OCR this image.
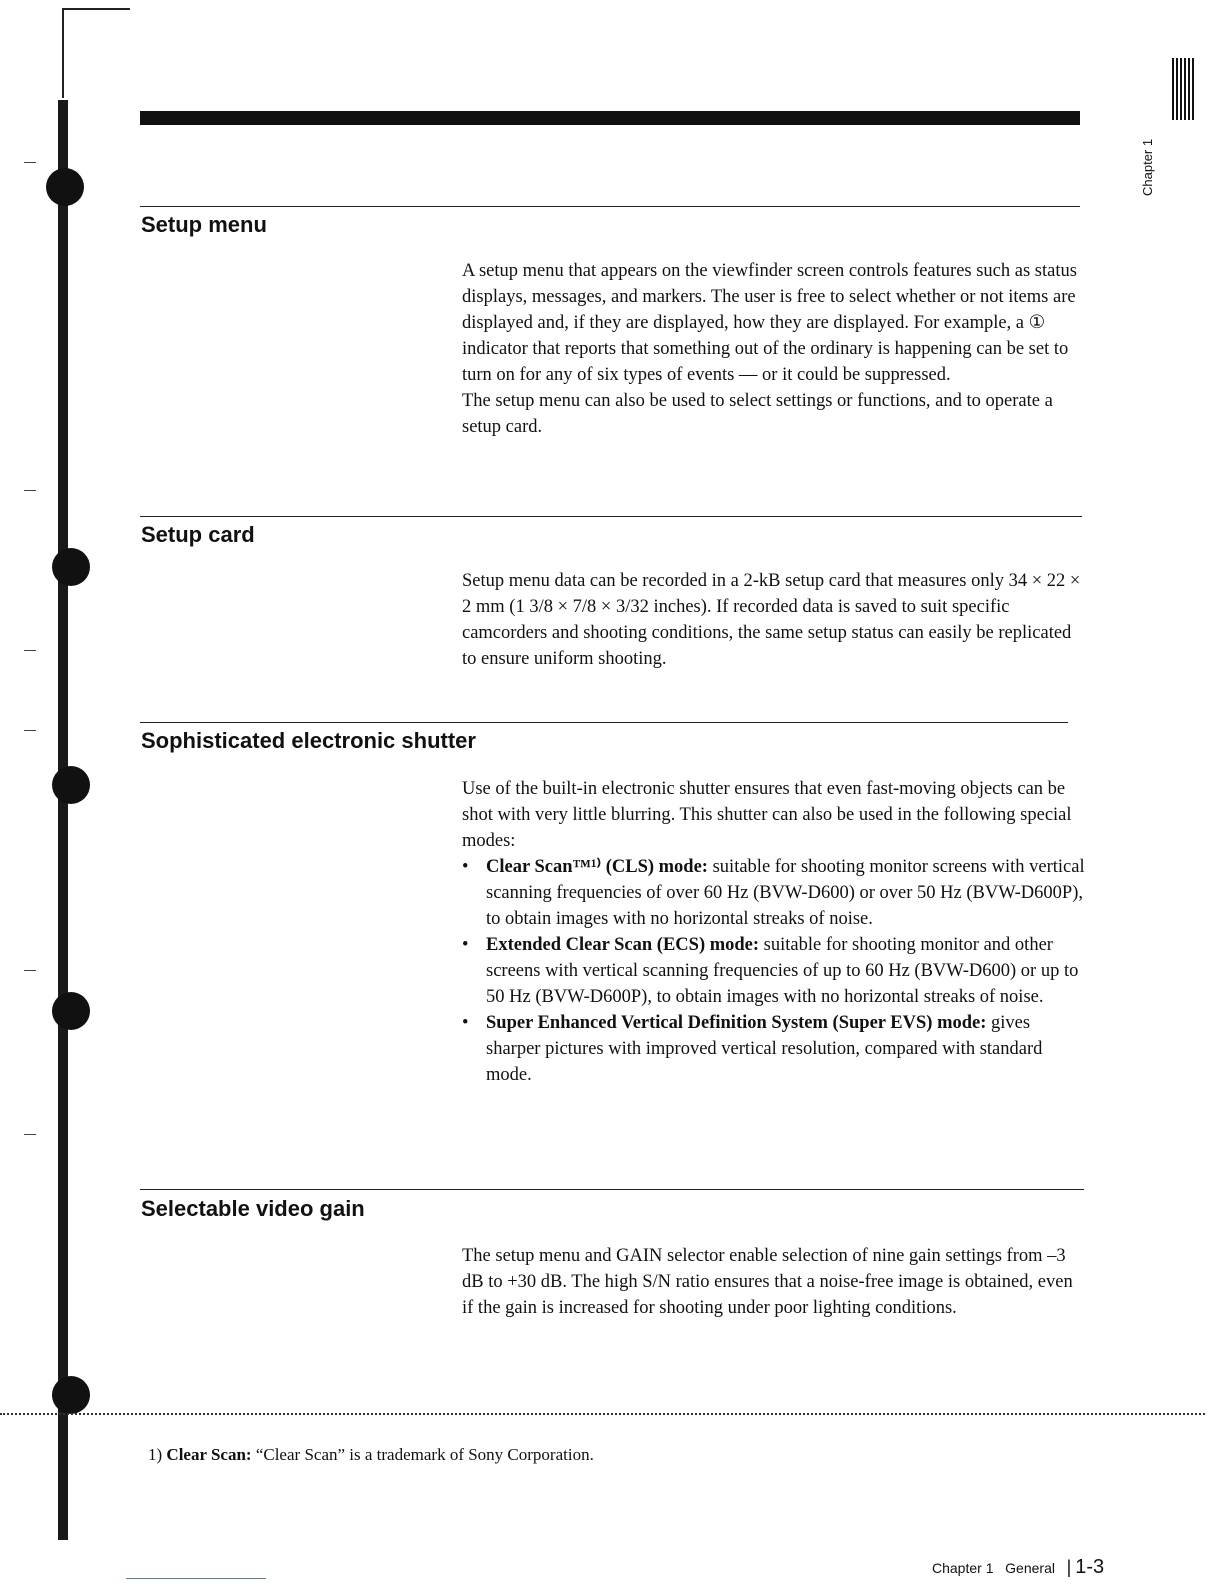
Chapter 1
Setup menu

A setup menu that appears on the viewfinder screen controls features such as status displays, messages, and markers. The user is free to select whether or not items are displayed and, if they are displayed, how they are displayed. For example, a ① indicator that reports that something out of the ordinary is happening can be set to turn on for any of six types of events — or it could be suppressed.

The setup menu can also be used to select settings or functions, and to operate a setup card.

Setup card

Setup menu data can be recorded in a 2-kB setup card that measures only 34 × 22 × 2 mm (1 3/8 × 7/8 × 3/32 inches). If recorded data is saved to suit specific camcorders and shooting conditions, the same setup status can easily be replicated to ensure uniform shooting.

Sophisticated electronic shutter

Use of the built-in electronic shutter ensures that even fast-moving objects can be shot with very little blurring. This shutter can also be used in the following special modes:

• Clear Scan™¹⁾ (CLS) mode: suitable for shooting monitor screens with vertical scanning frequencies of over 60 Hz (BVW-D600) or over 50 Hz (BVW-D600P), to obtain images with no horizontal streaks of noise.
• Extended Clear Scan (ECS) mode: suitable for shooting monitor and other screens with vertical scanning frequencies of up to 60 Hz (BVW-D600) or up to 50 Hz (BVW-D600P), to obtain images with no horizontal streaks of noise.
• Super Enhanced Vertical Definition System (Super EVS) mode: gives sharper pictures with improved vertical resolution, compared with standard mode.
Selectable video gain

The setup menu and GAIN selector enable selection of nine gain settings from –3 dB to +30 dB. The high S/N ratio ensures that a noise-free image is obtained, even if the gain is increased for shooting under poor lighting conditions.

1) Clear Scan: “Clear Scan” is a trademark of Sony Corporation.
Chapter 1 General | 1-3
